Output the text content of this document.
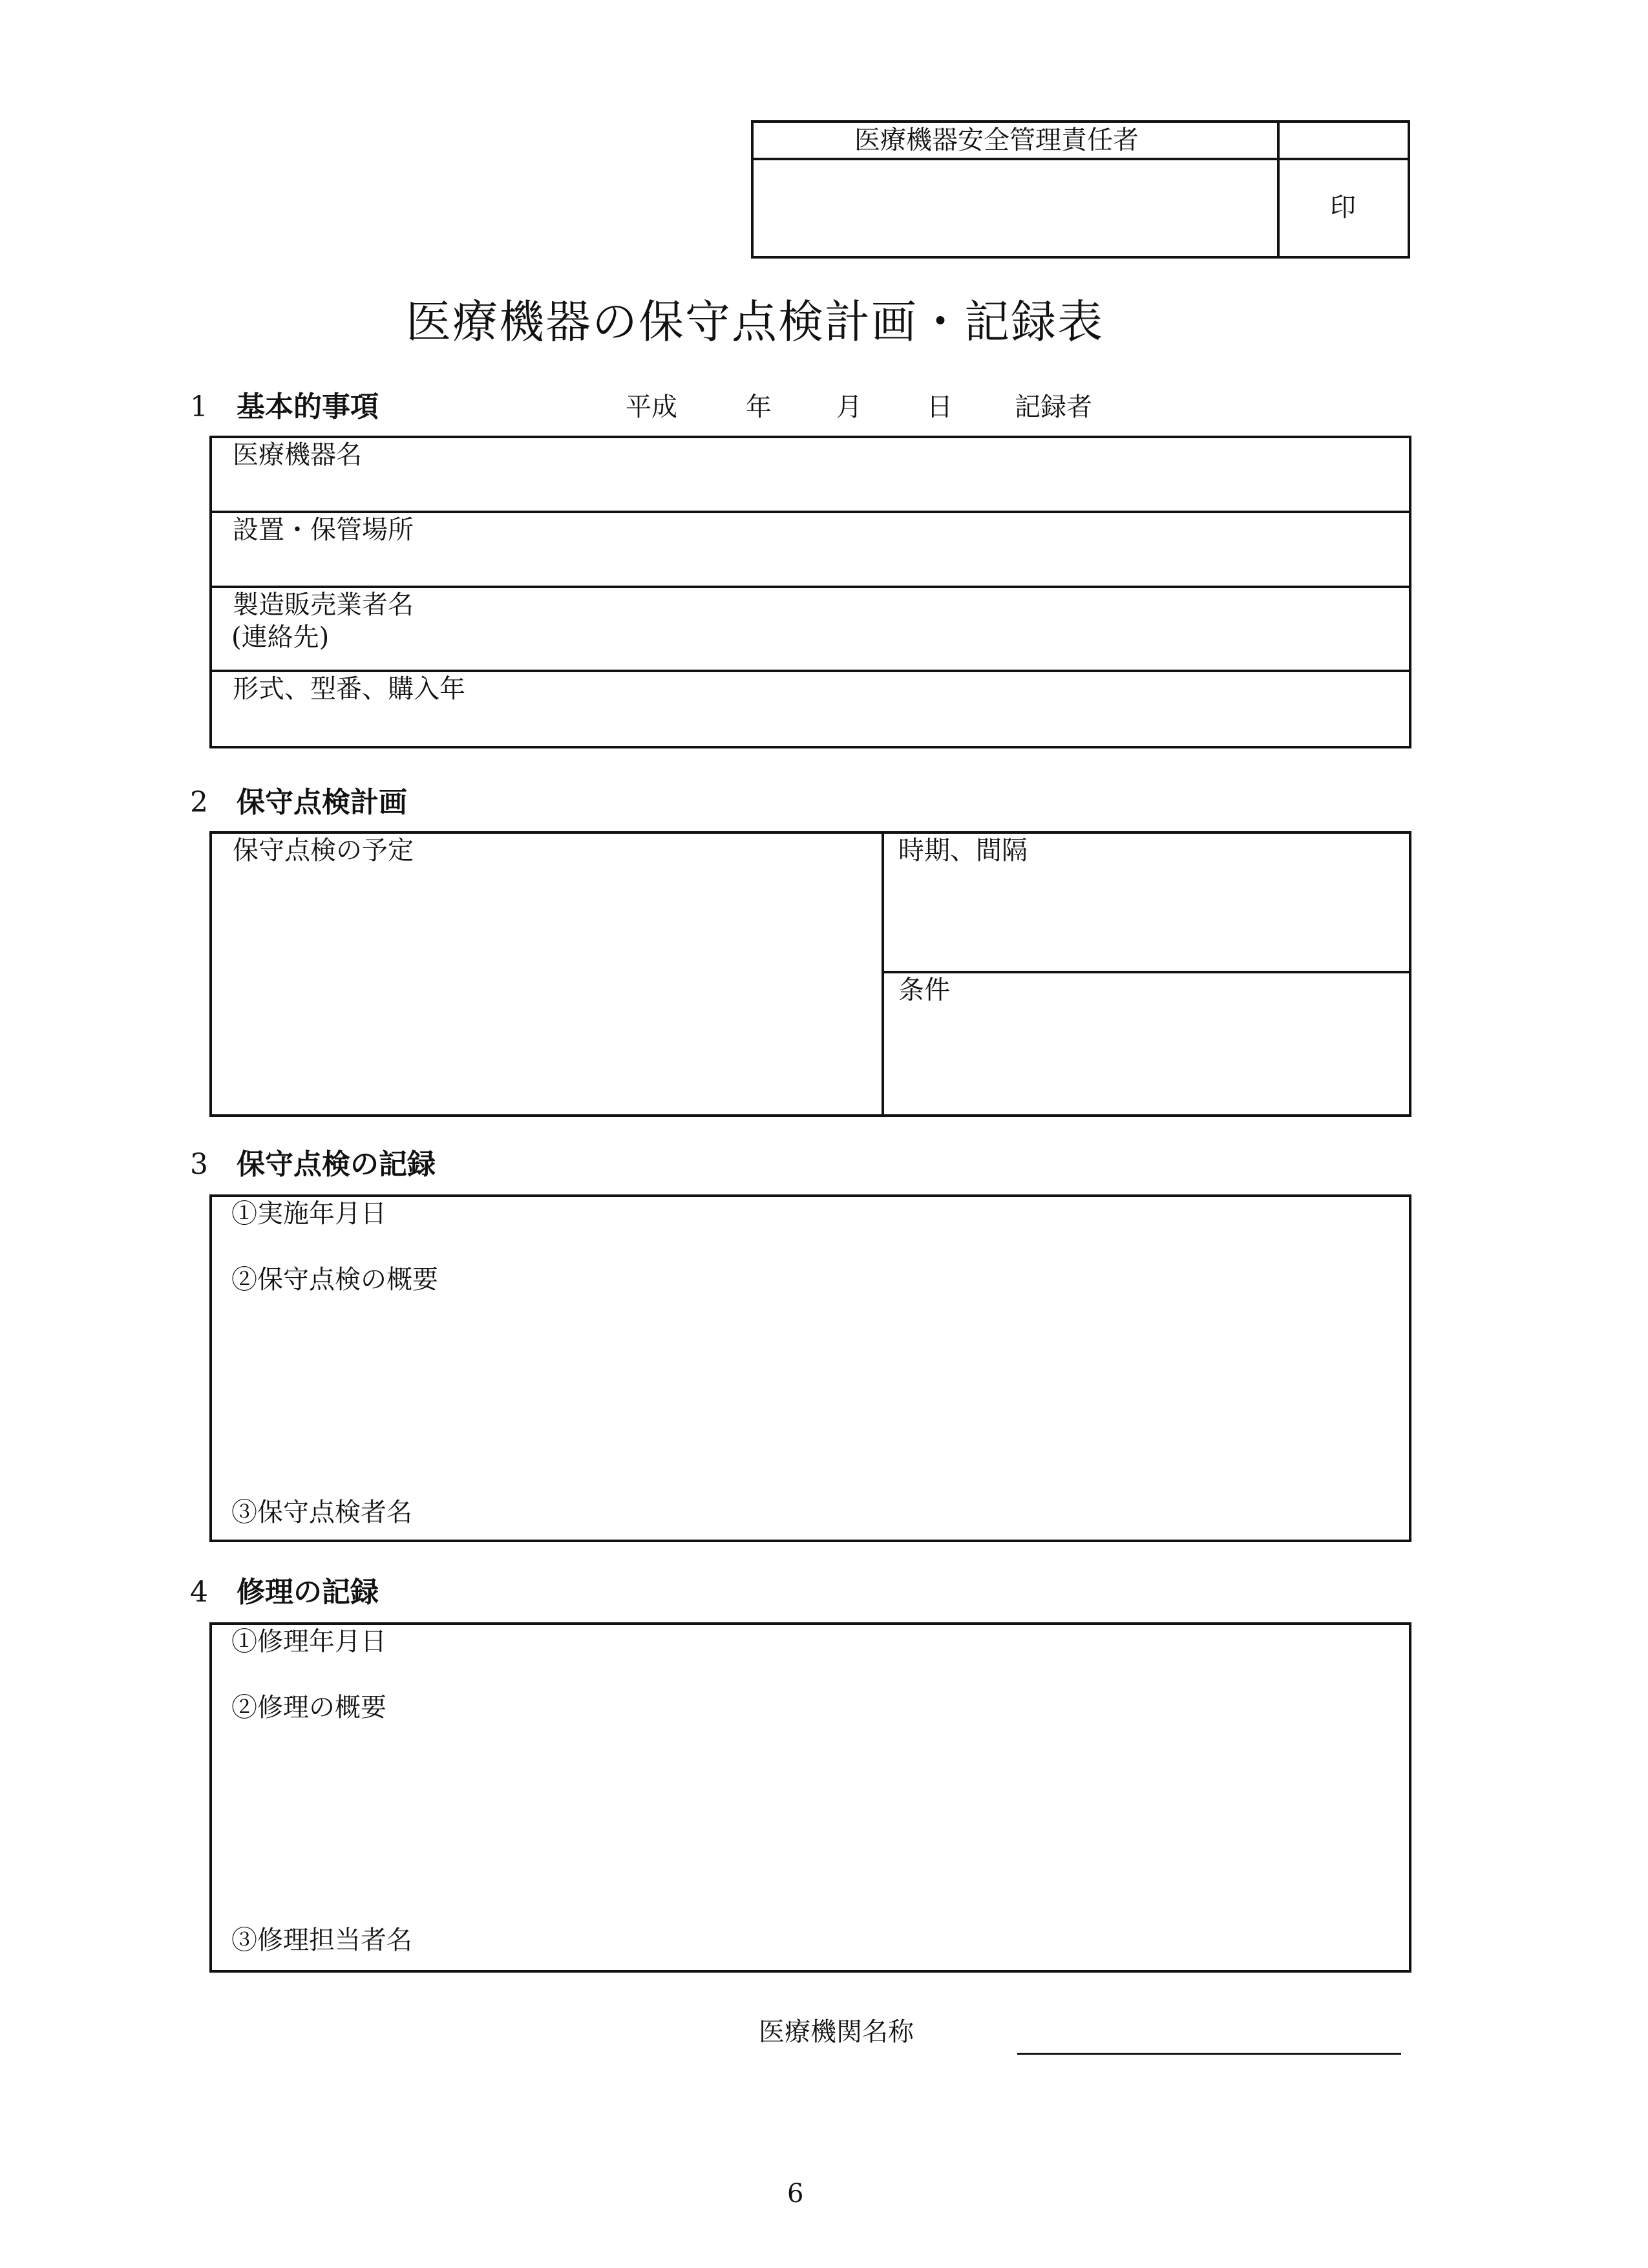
医療機器安全管理責任者
印
医療機器の保守点検計画・記録表
1 基本的事項	平成	年	月	日 記録者
医療機器名
設置・保管場所
製造販売業者名
(連絡先)
形式、型番、購入年
2 保守点検計画
保守点検の予定	時期、間隔
条件
3 保守点検の記録
①実施年月日
②保守点検の概要
③保守点検者名
4 修理の記録
①修理年月日
②修理の概要
③修理担当者名
医療機関名称
6
